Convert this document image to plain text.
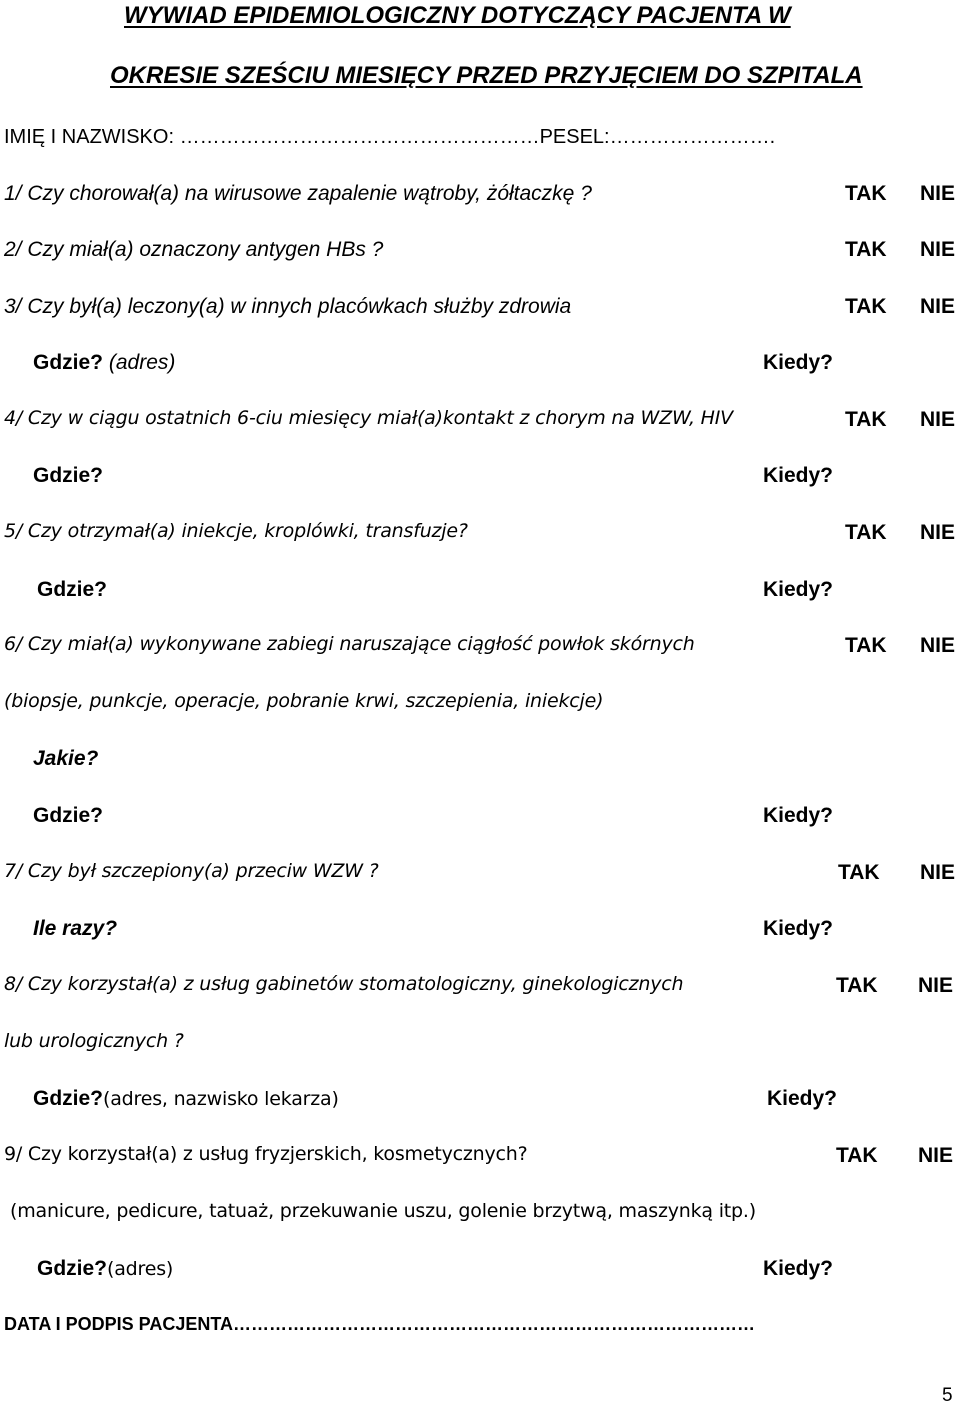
WYWIAD EPIDEMIOLOGICZNY DOTYCZĄCY PACJENTA W
OKRESIE SZEŚCIU MIESIĘCY PRZED PRZYJĘCIEM DO SZPITALA
IMIĘ I NAZWISKO: ………………………………………………PESEL:…………………….
1/ Czy chorował(a) na wirusowe zapalenie wątroby, żółtaczkę ?	TAK NIE
2/ Czy miał(a) oznaczony antygen HBs ?	TAK NIE
3/ Czy był(a) leczony(a) w innych placówkach służby zdrowia	TAK NIE
Gdzie? (adres)	Kiedy?
4/ Czy w ciągu ostatnich 6-ciu miesięcy miał(a)kontakt z chorym na WZW, HIV	TAK NIE
Gdzie?	Kiedy?
5/ Czy otrzymał(a) iniekcje, kroplówki, transfuzje?	TAK NIE
Gdzie?	Kiedy?
6/ Czy miał(a) wykonywane zabiegi naruszające ciągłość powłok skórnych	TAK NIE
(biopsje, punkcje, operacje, pobranie krwi, szczepienia, iniekcje)
Jakie?
Gdzie?	Kiedy?
7/ Czy był szczepiony(a) przeciw WZW ?	TAK NIE
Ile razy?	Kiedy?
8/ Czy korzystał(a) z usług gabinetów stomatologiczny, ginekologicznych	TAK NIE
lub urologicznych ?
Gdzie?(adres, nazwisko lekarza)	Kiedy?
9/ Czy korzystał(a) z usług fryzjerskich, kosmetycznych?	TAK NIE
(manicure, pedicure, tatuaż, przekuwanie uszu, golenie brzytwą, maszynką itp.)
Gdzie?(adres)	Kiedy?
DATA I PODPIS PACJENTA……………………………………………………………………………
5
